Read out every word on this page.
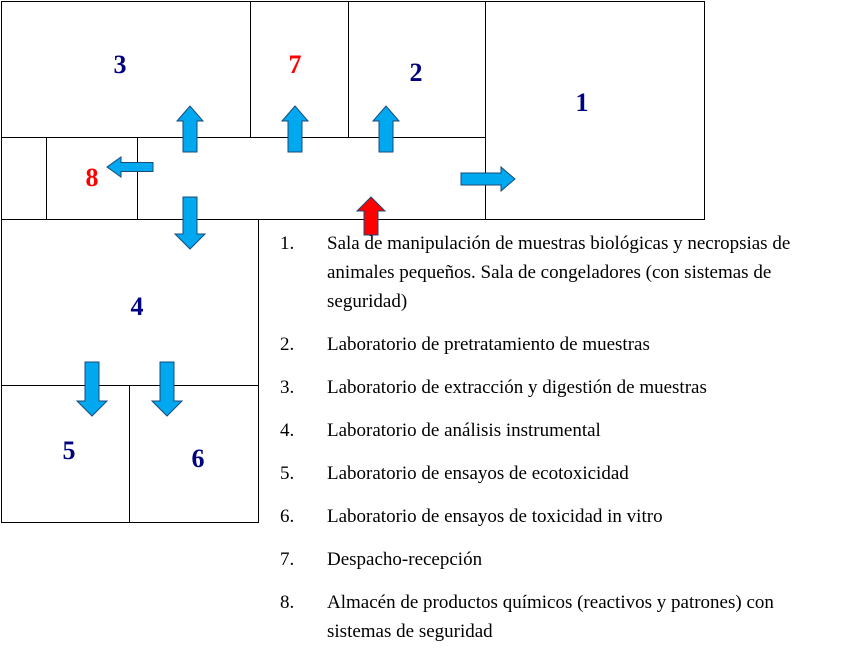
3	7	2
1
8
4
5	6
1. Sala de manipulación de muestras biológicas y necropsias de animales pequeños. Sala de congeladores (con sistemas de seguridad)
2. Laboratorio de pretratamiento de muestras
3. Laboratorio de extracción y digestión de muestras
4. Laboratorio de análisis instrumental
5. Laboratorio de ensayos de ecotoxicidad
6. Laboratorio de ensayos de toxicidad in vitro
7. Despacho-recepción
8. Almacén de productos químicos (reactivos y patrones) con sistemas de seguridad
